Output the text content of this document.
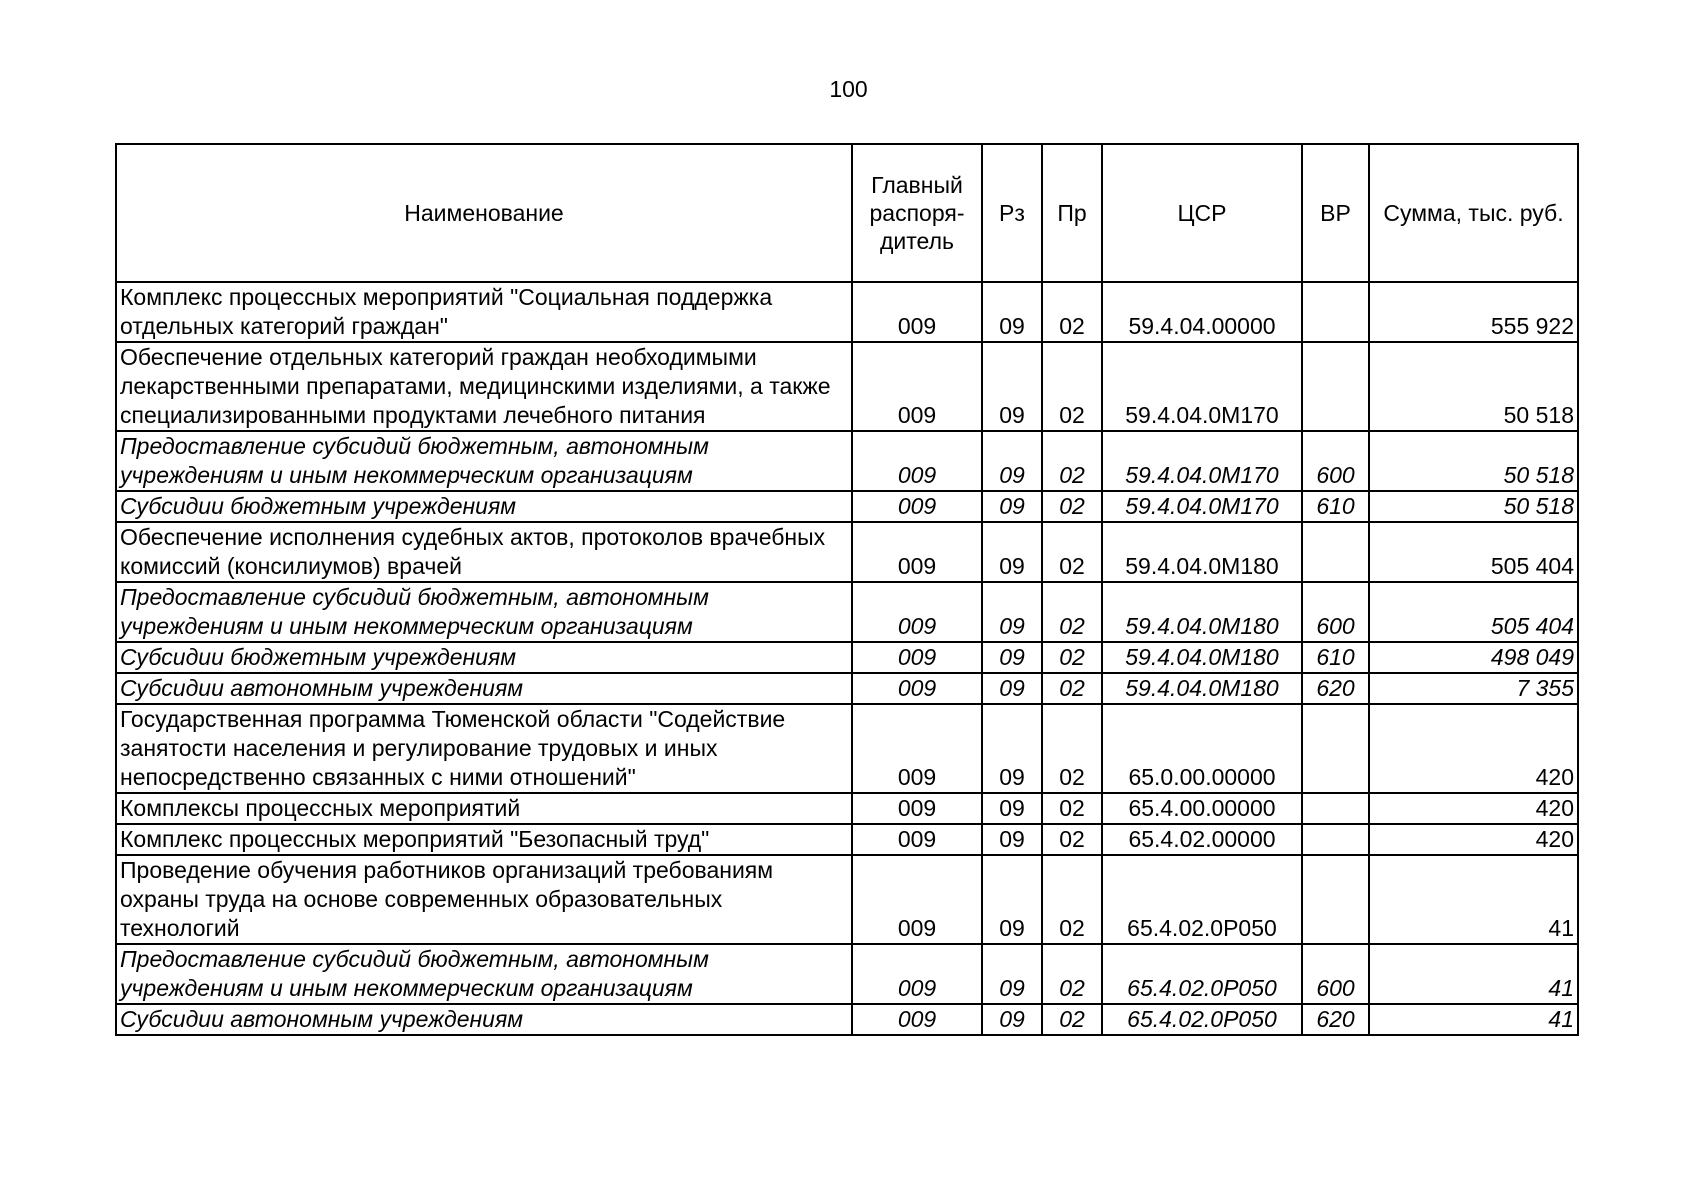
100
Наименование	Главный распоря-дитель	Рз	Пр	ЦСР	ВР	Сумма, тыс. руб.
Комплекс процессных мероприятий "Социальная поддержка отдельных категорий граждан"	009	09	02	59.4.04.00000		555 922
Обеспечение отдельных категорий граждан необходимыми лекарственными препаратами, медицинскими изделиями, а также специализированными продуктами лечебного питания	009	09	02	59.4.04.0М170		50 518
Предоставление субсидий бюджетным, автономным учреждениям и иным некоммерческим организациям	009	09	02	59.4.04.0М170	600	50 518
Субсидии бюджетным учреждениям	009	09	02	59.4.04.0М170	610	50 518
Обеспечение исполнения судебных актов, протоколов врачебных комиссий (консилиумов) врачей	009	09	02	59.4.04.0М180		505 404
Предоставление субсидий бюджетным, автономным учреждениям и иным некоммерческим организациям	009	09	02	59.4.04.0М180	600	505 404
Субсидии бюджетным учреждениям	009	09	02	59.4.04.0М180	610	498 049
Субсидии автономным учреждениям	009	09	02	59.4.04.0М180	620	7 355
Государственная программа Тюменской области "Содействие занятости населения и регулирование трудовых и иных непосредственно связанных с ними отношений"	009	09	02	65.0.00.00000		420
Комплексы процессных мероприятий	009	09	02	65.4.00.00000		420
Комплекс процессных мероприятий "Безопасный труд"	009	09	02	65.4.02.00000		420
Проведение обучения работников организаций требованиям охраны труда на основе современных образовательных технологий	009	09	02	65.4.02.0Р050		41
Предоставление субсидий бюджетным, автономным учреждениям и иным некоммерческим организациям	009	09	02	65.4.02.0Р050	600	41
Субсидии автономным учреждениям	009	09	02	65.4.02.0Р050	620	41
